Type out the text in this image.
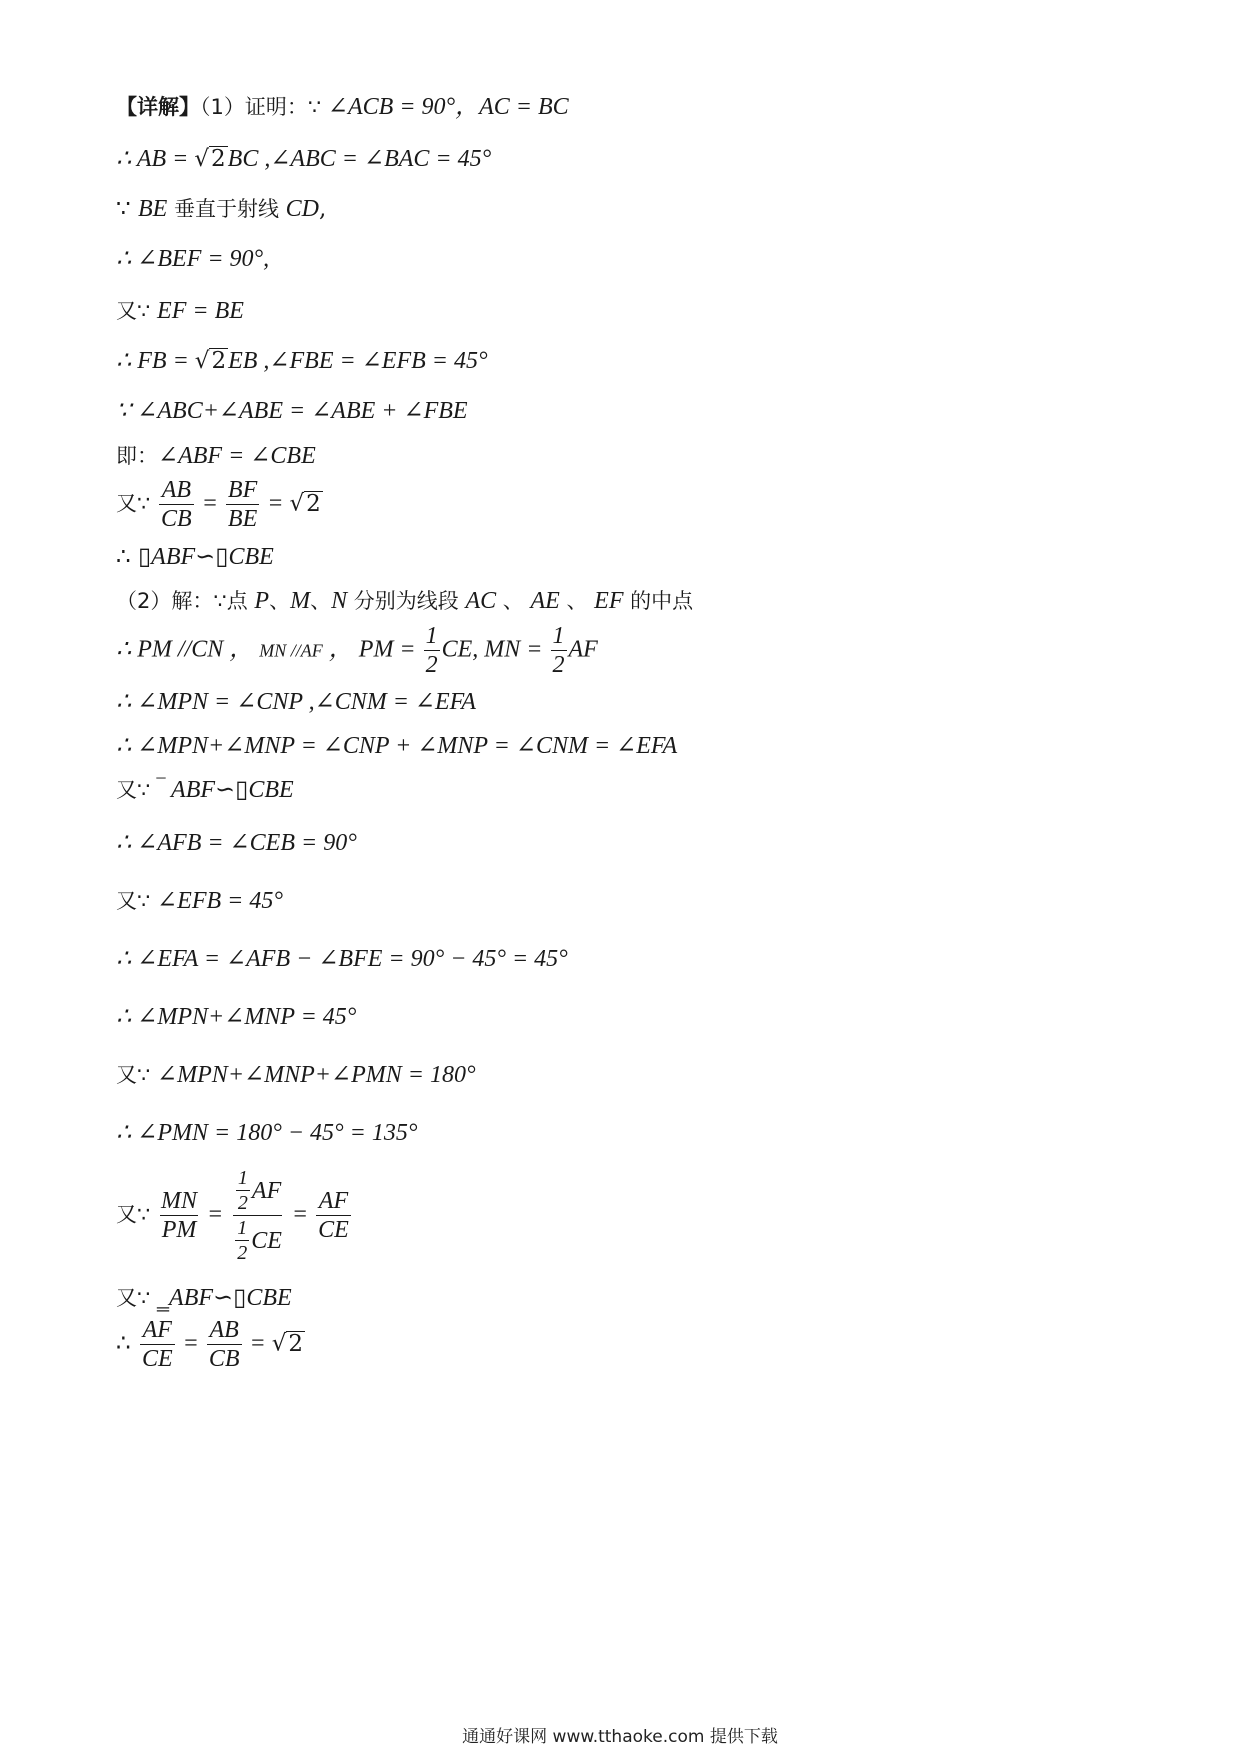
【详解】（1）证明：∵ ∠ACB = 90°，AC = BC
∴ AB = √2BC ,∠ABC = ∠BAC = 45°
∵ BE 垂直于射线 CD,
∴ ∠BEF = 90°,
又∵ EF = BE
∴ FB = √2EB ,∠FBE = ∠EFB = 45°
∵ ∠ABC+∠ABE = ∠ABE + ∠FBE
即：∠ABF = ∠CBE
又∵ $\frac{AB}{CB} = \frac{BF}{BE} = √2$
∴ ▯ABF∽▯CBE
（2）解：∵点 P、M、N 分别为线段 AC 、 AE 、 EF 的中点
∴ PM //CN ， MN //AF ， PM = $\frac{1}{2}$ CE, MN = $\frac{1}{2}$ AF
∴ ∠MPN = ∠CNP ,∠CNM = ∠EFA
∴ ∠MPN+∠MNP = ∠CNP + ∠MNP = ∠CNM = ∠EFA
又∵ ‾ ABF∽▯CBE
∴ ∠AFB = ∠CEB = 90°
又∵ ∠EFB = 45°
∴ ∠EFA = ∠AFB − ∠BFE = 90° − 45° = 45°
∴ ∠MPN+∠MNP = 45°
又∵ ∠MPN+∠MNP+∠PMN = 180°
∴ ∠PMN = 180° − 45° = 135°
又∵ $\frac{MN}{PM} = \frac{\frac{1}{2} AF}{\frac{1}{2} CE} = \frac{AF}{CE}$
又∵ ‗ABF∽▯CBE
∴ $\frac{AF}{CE} = \frac{AB}{CB} = √2$
通通好课网 www.tthaoke.com 提供下载
